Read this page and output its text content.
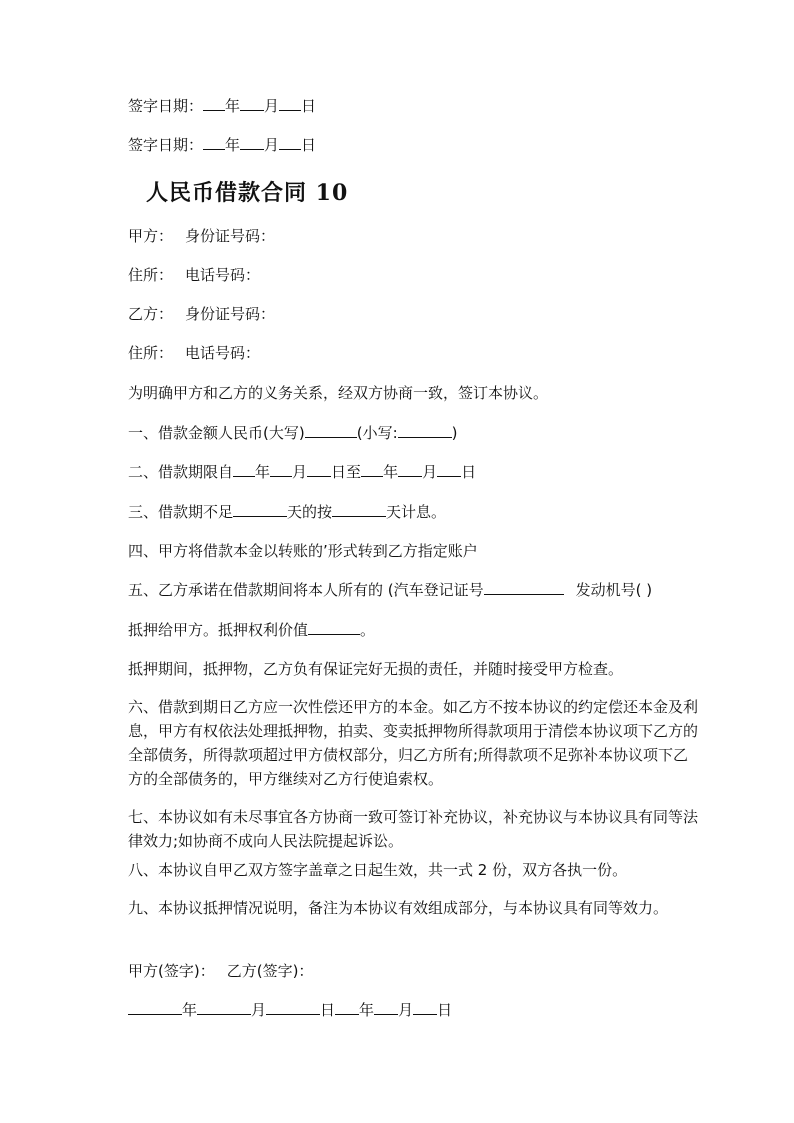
签字日期： 年 月 日
签字日期： 年 月 日
人民币借款合同 10
甲方： 身份证号码：
住所： 电话号码：
乙方： 身份证号码：
住所： 电话号码：
为明确甲方和乙方的义务关系，经双方协商一致，签订本协议。
一、借款金额人民币(大写)	(小写:	)
二、借款期限自 年 月 日至 年 月 日
三、借款期不足	天的按	天计息。
四、甲方将借款本金以转账的’形式转到乙方指定账户
五、乙方承诺在借款期间将本人所有的 (汽车登记证号	发动机号( )
抵押给甲方。抵押权利价值	。
抵押期间，抵押物，乙方负有保证完好无损的责任，并随时接受甲方检查。
六、借款到期日乙方应一次性偿还甲方的本金。如乙方不按本协议的约定偿还本金及利息，甲方有权依法处理抵押物，拍卖、变卖抵押物所得款项用于清偿本协议项下乙方的全部债务，所得款项超过甲方债权部分，归乙方所有;所得款项不足弥补本协议项下乙方的全部债务的，甲方继续对乙方行使追索权。
七、本协议如有未尽事宜各方协商一致可签订补充协议，补充协议与本协议具有同等法律效力;如协商不成向人民法院提起诉讼。
八、本协议自甲乙双方签字盖章之日起生效，共一式 2 份，双方各执一份。
九、本协议抵押情况说明，备注为本协议有效组成部分，与本协议具有同等效力。
甲方(签字)： 乙方(签字)：
年	月	日 年 月 日
